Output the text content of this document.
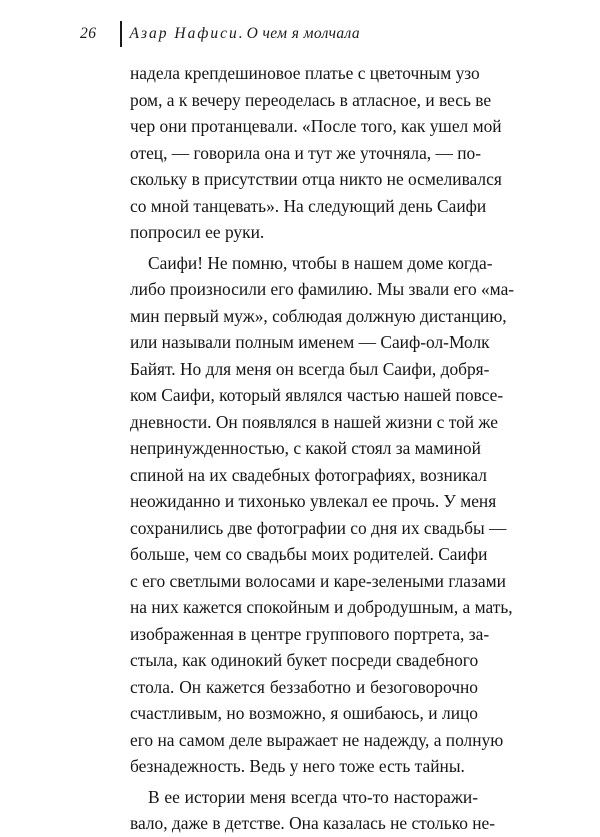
26	Азар Нафиси . О чем я молчала
надела крепдешиновое платье с цветочным узо
ром, а к вечеру переоделась в атласное, и весь ве
чер они протанцевали. «После того, как ушел мой
отец, — говорила она и тут же уточняла, — по-
скольку в присутствии отца никто не осмеливался
со мной танцевать». На следующий день Саифи
попросил ее руки.
Саифи! Не помню, чтобы в нашем доме когда-
либо произносили его фамилию. Мы звали его «ма-
мин первый муж», соблюдая должную дистанцию,
или называли полным именем — Саиф-ол-Молк
Байят. Но для меня он всегда был Саифи, добря-
ком Саифи, который являлся частью нашей повсе-
дневности. Он появлялся в нашей жизни с той же
непринужденностью, с какой стоял за маминой
спиной на их свадебных фотографиях, возникал
неожиданно и тихонько увлекал ее прочь. У меня
сохранились две фотографии со дня их свадьбы —
больше, чем со свадьбы моих родителей. Саифи
с его светлыми волосами и каре-зелеными глазами
на них кажется спокойным и добродушным, а мать,
изображенная в центре группового портрета, за-
стыла, как одинокий букет посреди свадебного
стола. Он кажется беззаботно и безоговорочно
счастливым, но возможно, я ошибаюсь, и лицо
его на самом деле выражает не надежду, а полную
безнадежность. Ведь у него тоже есть тайны.
В ее истории меня всегда что-то насторажи-
вало, даже в детстве. Она казалась не столько не-
